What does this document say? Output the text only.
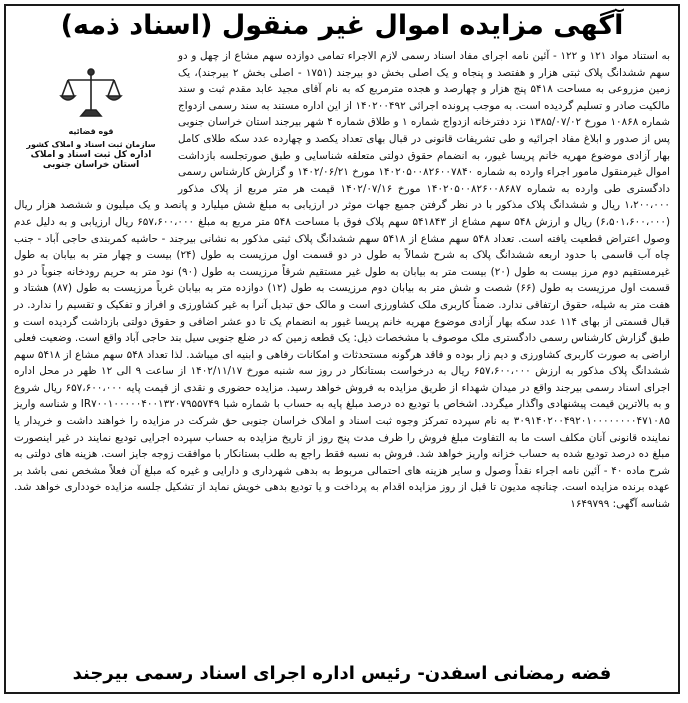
آگهی مزایده اموال غیر منقول (اسناد ذمه)
قوه قضائیه
سازمان ثبت اسناد و املاک کشور
اداره کل ثبت اسناد و املاک استان خراسان جنوبی
به استناد مواد ۱۲۱ و ۱۲۲ - آئین نامه اجرای مفاد اسناد رسمی لازم الاجراء تمامی دوازده سهم مشاع از چهل و دو سهم ششدانگ پلاک ثبتی هزار و هفتصد و پنجاه و یک اصلی بخش دو بیرجند (۱۷۵۱ - اصلی بخش ۲ بیرجند)، یک زمین مزروعی به مساحت ۵۴۱۸ پنج هزار و چهارصد و هجده مترمربع که به نام آقای مجید عابد مقدم ثبت و سند مالکیت صادر و تسلیم گردیده است. به موجب پرونده اجرائی ۱۴۰۲۰۰۴۹۲ از این اداره مستند به سند رسمی ازدواج شماره ۱۰۸۶۸ مورخ ۱۳۸۵/۰۷/۰۲ نزد دفترخانه ازدواج شماره ۱ و طلاق شماره ۴ شهر بیرجند استان خراسان جنوبی پس از صدور و ابلاغ مفاد اجرائیه و طی تشریفات قانونی در قبال بهای تعداد یکصد و چهارده عدد سکه طلای کامل بهار آزادی موضوع مهریه خانم پریسا غیور، به انضمام حقوق دولتی متعلقه شناسایی و طبق صورتجلسه بازداشت اموال غیرمنقول مامور اجراء وارده به شماره ۱۴۰۲۰۵۰۰۸۲۶۰۰۷۸۴۰ مورخ ۱۴۰۲/۰۶/۲۱ و گزارش کارشناس رسمی دادگستری طی وارده به شماره ۱۴۰۲۰۵۰۰۸۲۶۰۰۸۶۸۷ مورخ ۱۴۰۲/۰۷/۱۶ قیمت هر متر مربع از پلاک مذکور ۱،۲۰۰،۰۰۰ ریال و ششدانگ پلاک مذکور با در نظر گرفتن جمیع جهات موثر در ارزیابی به مبلغ شش میلیارد و پانصد و یک میلیون و ششصد هزار ریال (۶،۵۰۱،۶۰۰،۰۰۰) ریال و ارزش ۵۴۸ سهم مشاع از ۵۴۱۸۴۳ سهم پلاک فوق با مساحت ۵۴۸ متر مربع به مبلغ ۶۵۷،۶۰۰،۰۰۰ ریال ارزیابی و به دلیل عدم وصول اعتراض قطعیت یافته است. تعداد ۵۴۸ سهم مشاع از ۵۴۱۸ سهم ششدانگ پلاک ثبتی مذکور به نشانی بیرجند - حاشیه کمربندی حاجی آباد - جنب چاه آب قاسمی با حدود اربعه ششدانگ پلاک به شرح شمالاً به طول در دو قسمت اول مرزیست به طول (۲۴) بیست و چهار متر به بیابان به طول غیرمستقیم دوم مرز بیست به طول (۲۰) بیست متر به بیابان به طول غیر مستقیم شرقاً مرزیست به طول (۹۰) نود متر به حریم رودخانه جنوباً در دو قسمت اول مرزیست به طول (۶۶) شصت و شش متر به بیابان دوم مرزیست به طول (۱۲) دوازده متر به بیابان غرباً مرزیست به طول (۸۷) هشتاد و هفت متر به شیله، حقوق ارتفاقی ندارد. ضمناً کاربری ملک کشاورزی است و مالک حق تبدیل آنرا به غیر کشاورزی و افراز و تفکیک و تقسیم را ندارد. در قبال قسمتی از بهای ۱۱۴ عدد سکه بهار آزادی موضوع مهریه خانم پریسا غیور به انضمام یک تا دو عشر اضافی و حقوق دولتی بازداشت گردیده است و طبق گزارش کارشناس رسمی دادگستری ملک موصوف با مشخصات ذیل: یک قطعه زمین که در ضلع جنوبی سیل بند حاجی آباد واقع است. وضعیت فعلی اراضی به صورت کاربری کشاورزی و دیم زار بوده و فاقد هرگونه مستحدثات و امکانات رفاهی و ابنیه ای میباشد. لذا تعداد ۵۴۸ سهم مشاع از ۵۴۱۸ سهم ششدانگ پلاک مذکور به ارزش ۶۵۷،۶۰۰،۰۰۰ ریال به درخواست بستانکار در روز سه شنبه مورخ ۱۴۰۲/۱۱/۱۷ از ساعت ۹ الی ۱۲ ظهر در محل اداره اجرای اسناد رسمی بیرجند واقع در میدان شهداء از طریق مزایده به فروش خواهد رسید. مزایده حضوری و نقدی از قیمت پایه ۶۵۷،۶۰۰،۰۰۰ ریال شروع و به بالاترین قیمت پیشنهادی واگذار میگردد. اشخاص با تودیع ده درصد مبلغ پایه به حساب با شماره شبا IR۷۰۰۱۰۰۰۰۰۴۰۰۱۳۲۰۷۹۵۵۷۴۹ و شناسه واریز ۳۰۹۱۴۰۲۰۰۴۹۲۰۱۰۰۰۰۰۰۰۰۴۷۱۰۸۵ به نام سپرده تمرکز وجوه ثبت اسناد و املاک خراسان جنوبی حق شرکت در مزایده را خواهند داشت و خریدار یا نماینده قانونی آنان مکلف است ما به التفاوت مبلغ فروش را ظرف مدت پنج روز از تاریخ مزایده به حساب سپرده اجرایی تودیع نمایند در غیر اینصورت مبلغ ده درصد تودیع شده به حساب خزانه واریز خواهد شد. فروش به نسبه فقط راجع به طلب بستانکار با موافقت زوجه جایز است. هزینه های دولتی به شرح ماده ۴۰ - آئین نامه اجراء نقداً وصول و سایر هزینه های احتمالی مربوط به بدهی شهرداری و دارایی و غیره که مبلغ آن فعلاً مشخص نمی باشد بر عهده برنده مزایده است. چنانچه مدیون تا قبل از روز مزایده اقدام به پرداخت و یا تودیع بدهی خویش نماید از تشکیل جلسه مزایده خودداری خواهد شد. شناسه آگهی: ۱۶۴۹۷۹۹
فضه رمضانی اسفدن- رئیس اداره اجرای اسناد رسمی بیرجند
